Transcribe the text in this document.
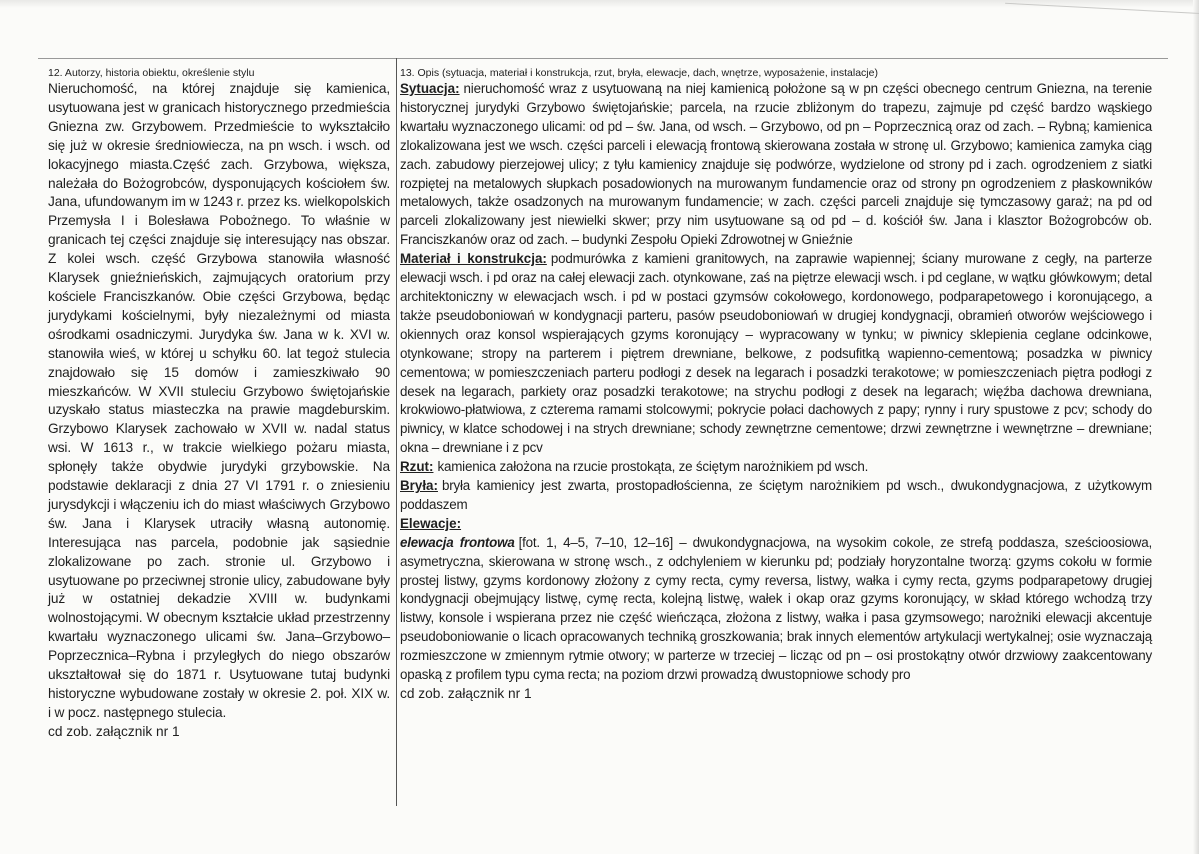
12. Autorzy, historia obiektu, określenie stylu

Nieruchomość, na której znajduje się kamienica, usytuowana jest w granicach historycznego przedmieścia Gniezna zw. Grzybowem. Przedmieście to wykształciło się już w okresie średniowiecza, na pn wsch. i wsch. od lokacyjnego miasta.Część zach. Grzybowa, większa, należała do Bożogrobców, dysponujących kościołem św. Jana, ufundowanym im w 1243 r. przez ks. wielkopolskich Przemysła I i Bolesława Pobożnego. To właśnie w granicach tej części znajduje się interesujący nas obszar. Z kolei wsch. część Grzybowa stanowiła własność Klarysek gnieźnieńskich, zajmujących oratorium przy kościele Franciszkanów. Obie części Grzybowa, będąc jurydykami kościelnymi, były niezależnymi od miasta ośrodkami osadniczymi. Jurydyka św. Jana w k. XVI w. stanowiła wieś, w której u schyłku 60. lat tegoż stulecia znajdowało się 15 domów i zamieszkiwało 90 mieszkańców. W XVII stuleciu Grzybowo świętojańskie uzyskało status miasteczka na prawie magdeburskim. Grzybowo Klarysek zachowało w XVII w. nadal status wsi. W 1613 r., w trakcie wielkiego pożaru miasta, spłonęły także obydwie jurydyki grzybowskie. Na podstawie deklaracji z dnia 27 VI 1791 r. o zniesieniu jurysdykcji i włączeniu ich do miast właściwych Grzybowo św. Jana i Klarysek utraciły własną autonomię. Interesująca nas parcela, podobnie jak sąsiednie zlokalizowane po zach. stronie ul. Grzybowo i usytuowane po przeciwnej stronie ulicy, zabudowane były już w ostatniej dekadzie XVIII w. budynkami wolnostojącymi. W obecnym kształcie układ przestrzenny kwartału wyznaczonego ulicami św. Jana–Grzybowo–Poprzecznica–Rybna i przyległych do niego obszarów ukształtował się do 1871 r. Usytuowane tutaj budynki historyczne wybudowane zostały w okresie 2. poł. XIX w. i w pocz. następnego stulecia.

cd zob. załącznik nr 1
13. Opis (sytuacja, materiał i konstrukcja, rzut, bryła, elewacje, dach, wnętrze, wyposażenie, instalacje)

Sytuacja: nieruchomość wraz z usytuowaną na niej kamienicą położone są w pn części obecnego centrum Gniezna, na terenie historycznej jurydyki Grzybowo świętojańskie; parcela, na rzucie zbliżonym do trapezu, zajmuje pd część bardzo wąskiego kwartału wyznaczonego ulicami: od pd – św. Jana, od wsch. – Grzybowo, od pn – Poprzecznicą oraz od zach. – Rybną; kamienica zlokalizowana jest we wsch. części parceli i elewacją frontową skierowana została w stronę ul. Grzybowo; kamienica zamyka ciąg zach. zabudowy pierzejowej ulicy; z tyłu kamienicy znajduje się podwórze, wydzielone od strony pd i zach. ogrodzeniem z siatki rozpiętej na metalowych słupkach posadowionych na murowanym fundamencie oraz od strony pn ogrodzeniem z płaskowników metalowych, także osadzonych na murowanym fundamencie; w zach. części parceli znajduje się tymczasowy garaż; na pd od parceli zlokalizowany jest niewielki skwer; przy nim usytuowane są od pd – d. kościół św. Jana i klasztor Bożogrobców ob. Franciszkanów oraz od zach. – budynki Zespołu Opieki Zdrowotnej w Gnieźnie

Materiał i konstrukcja: podmurówka z kamieni granitowych, na zaprawie wapiennej; ściany murowane z cegły, na parterze elewacji wsch. i pd oraz na całej elewacji zach. otynkowane, zaś na piętrze elewacji wsch. i pd ceglane, w wątku główkowym; detal architektoniczny w elewacjach wsch. i pd w postaci gzymsów cokołowego, kordonowego, podparapetowego i koronującego, a także pseudoboniowań w kondygnacji parteru, pasów pseudoboniowań w drugiej kondygnacji, obramień otworów wejściowego i okiennych oraz konsol wspierających gzyms koronujący – wypracowany w tynku; w piwnicy sklepienia ceglane odcinkowe, otynkowane; stropy na parterem i piętrem drewniane, belkowe, z podsufitką wapienno-cementową; posadzka w piwnicy cementowa; w pomieszczeniach parteru podłogi z desek na legarach i posadzki terakotowe; w pomieszczeniach piętra podłogi z desek na legarach, parkiety oraz posadzki terakotowe; na strychu podłogi z desek na legarach; więźba dachowa drewniana, krokwiowo-płatwiowa, z czterema ramami stolcowymi; pokrycie połaci dachowych z papy; rynny i rury spustowe z pcv; schody do piwnicy, w klatce schodowej i na strych drewniane; schody zewnętrzne cementowe; drzwi zewnętrzne i wewnętrzne – drewniane; okna – drewniane i z pcv

Rzut: kamienica założona na rzucie prostokąta, ze ściętym narożnikiem pd wsch.

Bryła: bryła kamienicy jest zwarta, prostopadłościenna, ze ściętym narożnikiem pd wsch., dwukondygnacjowa, z użytkowym poddaszem

Elewacje:

elewacja frontowa [fot. 1, 4–5, 7–10, 12–16] – dwukondygnacjowa, na wysokim cokole, ze strefą poddasza, sześcioosiowa, asymetryczna, skierowana w stronę wsch., z odchyleniem w kierunku pd; podziały horyzontalne tworzą: gzyms cokołu w formie prostej listwy, gzyms kordonowy złożony z cymy recta, cymy reversa, listwy, wałka i cymy recta, gzyms podparapetowy drugiej kondygnacji obejmujący listwę, cymę recta, kolejną listwę, wałek i okap oraz gzyms koronujący, w skład którego wchodzą trzy listwy, konsole i wspierana przez nie część wieńcząca, złożona z listwy, wałka i pasa gzymsowego; narożniki elewacji akcentuje pseudoboniowanie o licach opracowanych techniką groszkowania; brak innych elementów artykulacji wertykalnej; osie wyznaczają rozmieszczone w zmiennym rytmie otwory; w parterze w trzeciej – licząc od pn – osi prostokątny otwór drzwiowy zaakcentowany opaską z profilem typu cyma recta; na poziom drzwi prowadzą dwustopniowe schody pro

cd zob. załącznik nr 1
